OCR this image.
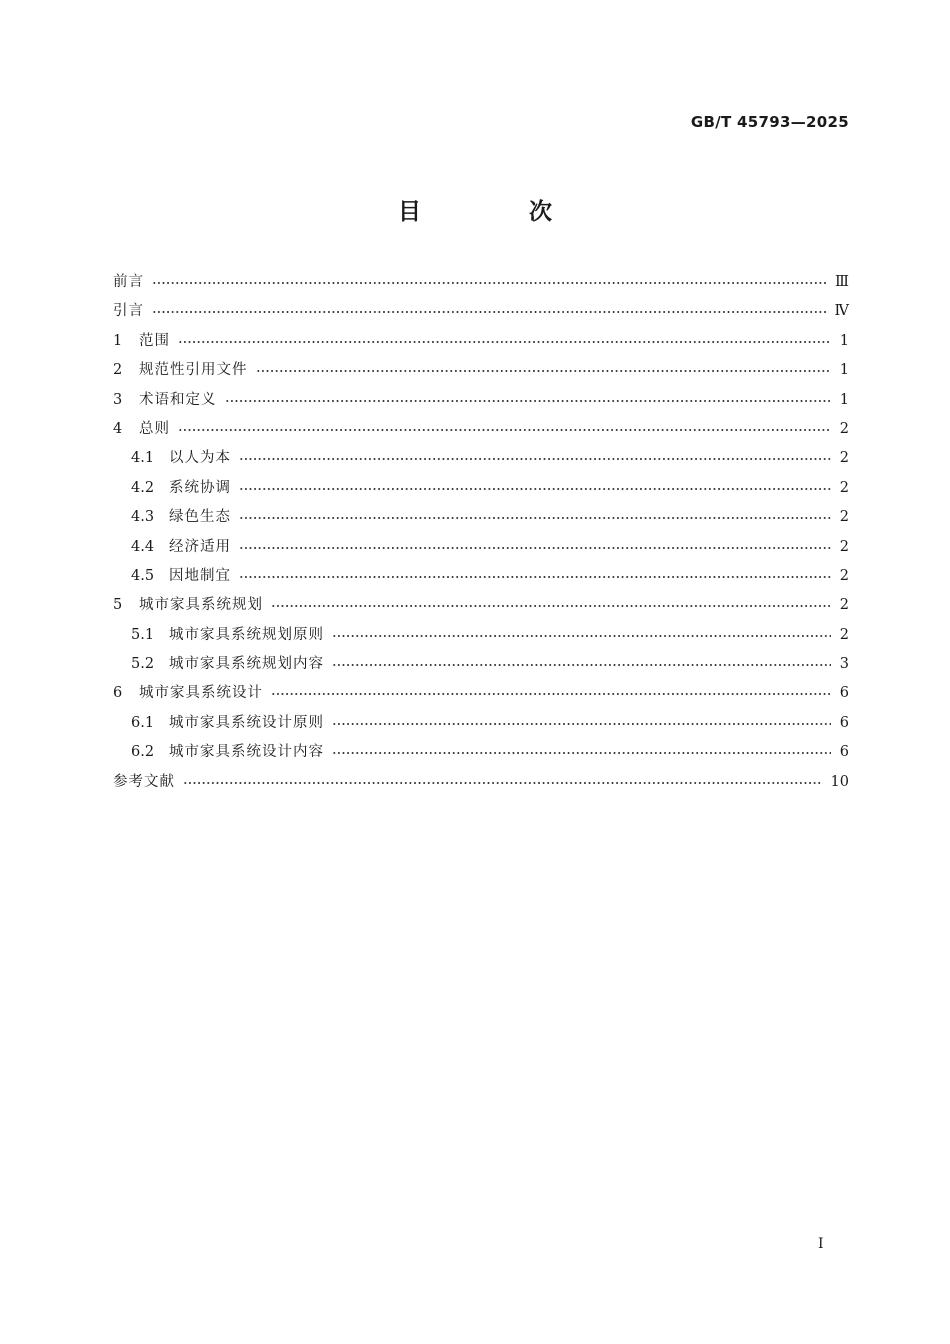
GB/T 45793—2025
目 次
前言	Ⅲ
引言	Ⅳ
1	范围	1
2	规范性引用文件	1
3	术语和定义	1
4	总则	2
4.1	以人为本	2
4.2	系统协调	2
4.3	绿色生态	2
4.4	经济适用	2
4.5	因地制宜	2
5	城市家具系统规划	2
5.1	城市家具系统规划原则	2
5.2	城市家具系统规划内容	3
6	城市家具系统设计	6
6.1	城市家具系统设计原则	6
6.2	城市家具系统设计内容	6
参考文献	10
I
